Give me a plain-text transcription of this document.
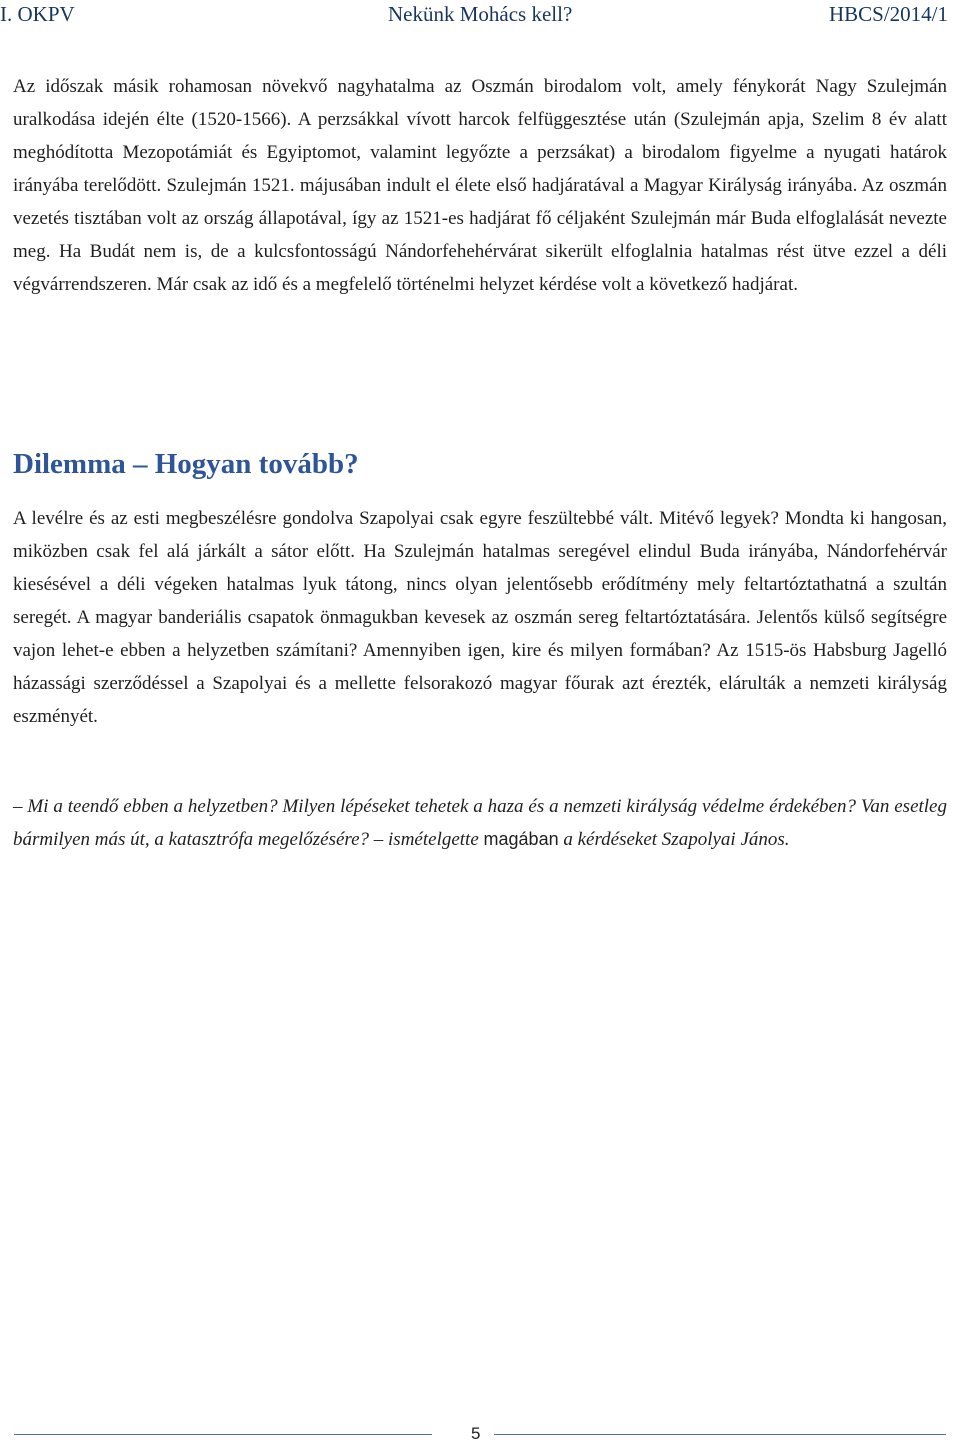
I. OKPV	Nekünk Mohács kell?	HBCS/2014/1
Az időszak másik rohamosan növekvő nagyhatalma az Oszmán birodalom volt, amely fénykorát Nagy Szulejmán uralkodása idején élte (1520-1566). A perzsákkal vívott harcok felfüggesztése után (Szulejmán apja, Szelim 8 év alatt meghódította Mezopotámiát és Egyiptomot, valamint legyőzte a perzsákat) a birodalom figyelme a nyugati határok irányába terelődött. Szulejmán 1521. májusában indult el élete első hadjáratával a Magyar Királyság irányába. Az oszmán vezetés tisztában volt az ország állapotával, így az 1521-es hadjárat fő céljaként Szulejmán már Buda elfoglalását nevezte meg. Ha Budát nem is, de a kulcsfontosságú Nándorfehehérvárat sikerült elfoglalnia hatalmas rést ütve ezzel a déli végvárrendszeren. Már csak az idő és a megfelelő történelmi helyzet kérdése volt a következő hadjárat.
Dilemma – Hogyan tovább?
A levélre és az esti megbeszélésre gondolva Szapolyai csak egyre feszültebbé vált. Mitévő legyek? Mondta ki hangosan, miközben csak fel alá járkált a sátor előtt. Ha Szulejmán hatalmas seregével elindul Buda irányába, Nándorfehérvár kiesésével a déli végeken hatalmas lyuk tátong, nincs olyan jelentősebb erődítmény mely feltartóztathatná a szultán seregét. A magyar banderiális csapatok önmagukban kevesek az oszmán sereg feltartóztatására. Jelentős külső segítségre vajon lehet-e ebben a helyzetben számítani? Amennyiben igen, kire és milyen formában? Az 1515-ös Habsburg Jagelló házassági szerződéssel a Szapolyai és a mellette felsorakozó magyar főurak azt érezték, elárulták a nemzeti királyság eszményét.
– Mi a teendő ebben a helyzetben? Milyen lépéseket tehetek a haza és a nemzeti királyság védelme érdekében? Van esetleg bármilyen más út, a katasztrófa megelőzésére? – ismételgette magában a kérdéseket Szapolyai János.
5
